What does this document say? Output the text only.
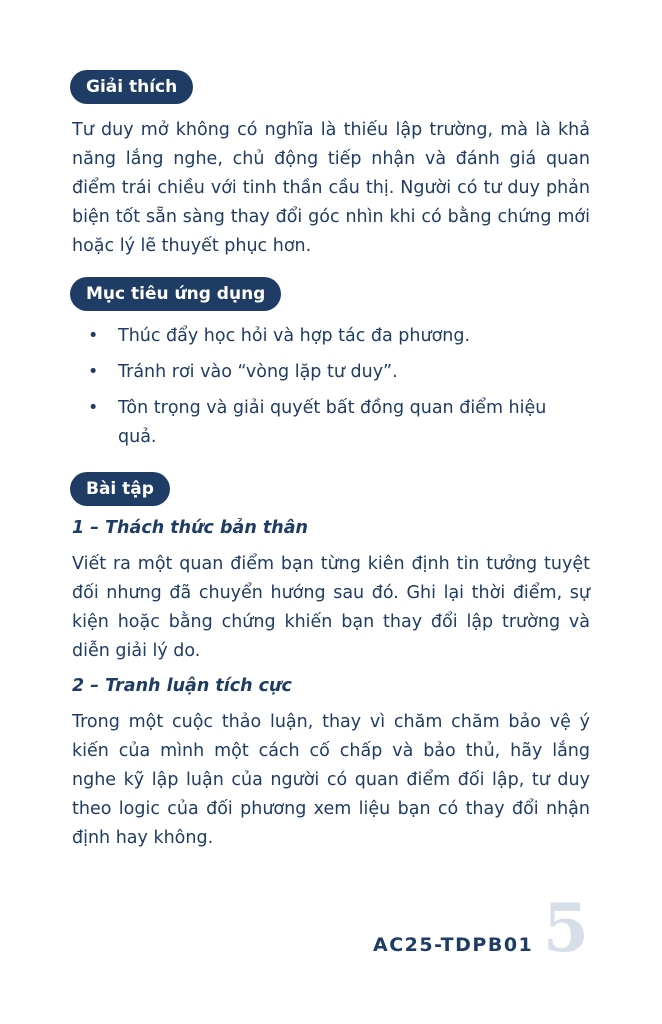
Giải thích

Tư duy mở không có nghĩa là thiếu lập trường, mà là khả năng lắng nghe, chủ động tiếp nhận và đánh giá quan điểm trái chiều với tinh thần cầu thị. Người có tư duy phản biện tốt sẵn sàng thay đổi góc nhìn khi có bằng chứng mới hoặc lý lẽ thuyết phục hơn.

Mục tiêu ứng dụng
• Thúc đẩy học hỏi và hợp tác đa phương.
• Tránh rơi vào “vòng lặp tư duy”.
• Tôn trọng và giải quyết bất đồng quan điểm hiệu quả.
Bài tập

1 – Thách thức bản thân

Viết ra một quan điểm bạn từng kiên định tin tưởng tuyệt đối nhưng đã chuyển hướng sau đó. Ghi lại thời điểm, sự kiện hoặc bằng chứng khiến bạn thay đổi lập trường và diễn giải lý do.

2 – Tranh luận tích cực

Trong một cuộc thảo luận, thay vì chăm chăm bảo vệ ý kiến của mình một cách cố chấp và bảo thủ, hãy lắng nghe kỹ lập luận của người có quan điểm đối lập, tư duy theo logic của đối phương xem liệu bạn có thay đổi nhận định hay không.

AC25-TDPB01 5
